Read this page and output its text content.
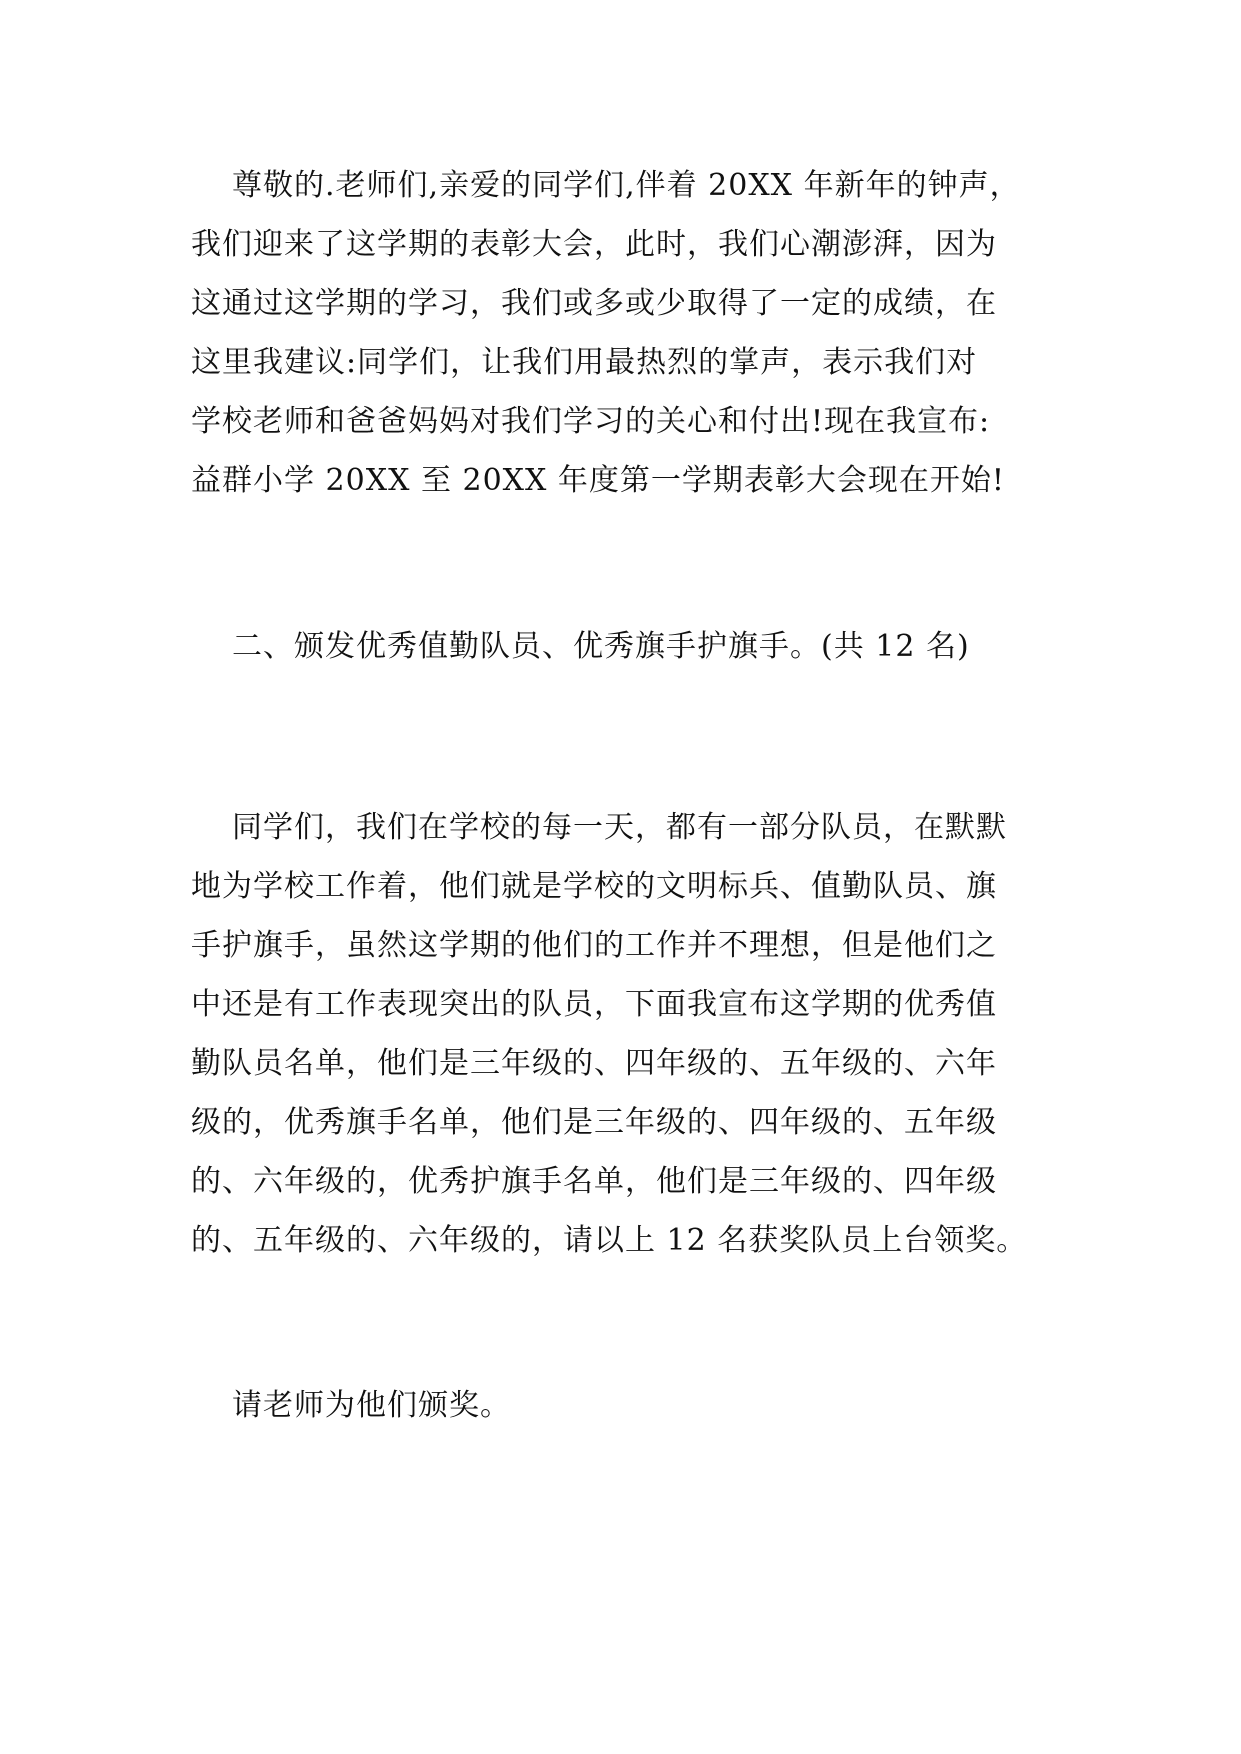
尊敬的.老师们,亲爱的同学们,伴着 20XX 年新年的钟声，
我们迎来了这学期的表彰大会，此时，我们心潮澎湃，因为
这通过这学期的学习，我们或多或少取得了一定的成绩，在
这里我建议:同学们，让我们用最热烈的掌声，表示我们对
学校老师和爸爸妈妈对我们学习的关心和付出!现在我宣布:
益群小学 20XX 至 20XX 年度第一学期表彰大会现在开始!
二、颁发优秀值勤队员、优秀旗手护旗手。(共 12 名)
同学们，我们在学校的每一天，都有一部分队员，在默默
地为学校工作着，他们就是学校的文明标兵、值勤队员、旗
手护旗手，虽然这学期的他们的工作并不理想，但是他们之
中还是有工作表现突出的队员，下面我宣布这学期的优秀值
勤队员名单，他们是三年级的、四年级的、五年级的、六年
级的，优秀旗手名单，他们是三年级的、四年级的、五年级
的、六年级的，优秀护旗手名单，他们是三年级的、四年级
的、五年级的、六年级的，请以上 12 名获奖队员上台领奖。
请老师为他们颁奖。
